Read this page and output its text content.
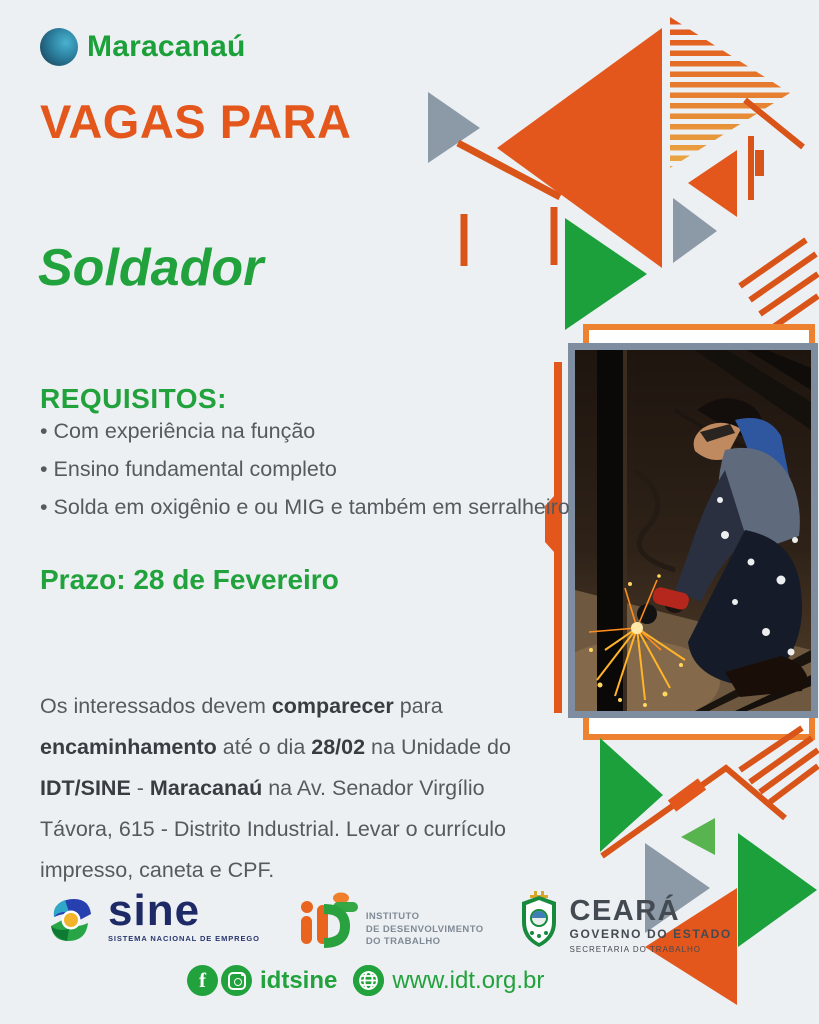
Maracanaú
VAGAS PARA
Soldador
REQUISITOS:
• Com experiência na função
• Ensino fundamental completo
• Solda em oxigênio e ou MIG e também em serralheiro
Prazo: 28 de Fevereiro

Os interessados devem comparecer para encaminhamento até o dia 28/02 na Unidade do IDT/SINE - Maracanaú na Av. Senador Virgílio Távora, 615 - Distrito Industrial. Levar o currículo impresso, caneta e CPF.

sine
SISTEMA NACIONAL DE EMPREGO
INSTITUTO
DE DESENVOLVIMENTO
DO TRABALHO
CEARÁ
GOVERNO DO ESTADO
SECRETARIA DO TRABALHO
f idtsine www.idt.org.br
